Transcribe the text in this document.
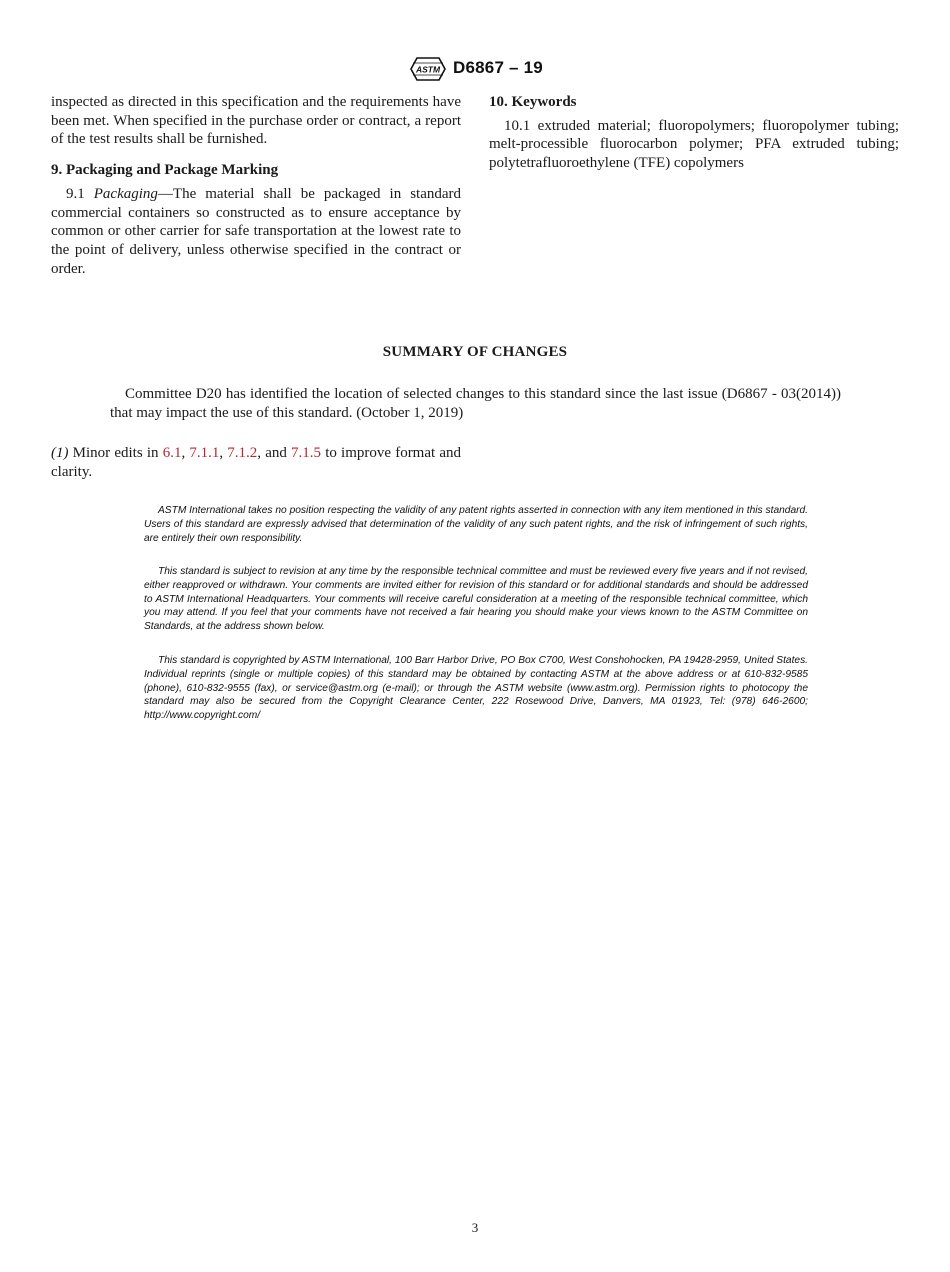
ASTM D6867 – 19

inspected as directed in this specification and the requirements have been met. When specified in the purchase order or contract, a report of the test results shall be furnished.

9. Packaging and Package Marking

9.1 Packaging—The material shall be packaged in standard commercial containers so constructed as to ensure acceptance by common or other carrier for safe transportation at the lowest rate to the point of delivery, unless otherwise specified in the contract or order.

10. Keywords

10.1 extruded material; fluoropolymers; fluoropolymer tubing; melt-processible fluorocarbon polymer; PFA extruded tubing; polytetrafluoroethylene (TFE) copolymers

SUMMARY OF CHANGES

Committee D20 has identified the location of selected changes to this standard since the last issue (D6867 - 03(2014)) that may impact the use of this standard. (October 1, 2019)

(1) Minor edits in 6.1, 7.1.1, 7.1.2, and 7.1.5 to improve format and clarity.

ASTM International takes no position respecting the validity of any patent rights asserted in connection with any item mentioned in this standard. Users of this standard are expressly advised that determination of the validity of any such patent rights, and the risk of infringement of such rights, are entirely their own responsibility.

This standard is subject to revision at any time by the responsible technical committee and must be reviewed every five years and if not revised, either reapproved or withdrawn. Your comments are invited either for revision of this standard or for additional standards and should be addressed to ASTM International Headquarters. Your comments will receive careful consideration at a meeting of the responsible technical committee, which you may attend. If you feel that your comments have not received a fair hearing you should make your views known to the ASTM Committee on Standards, at the address shown below.

This standard is copyrighted by ASTM International, 100 Barr Harbor Drive, PO Box C700, West Conshohocken, PA 19428-2959, United States. Individual reprints (single or multiple copies) of this standard may be obtained by contacting ASTM at the above address or at 610-832-9585 (phone), 610-832-9555 (fax), or service@astm.org (e-mail); or through the ASTM website (www.astm.org). Permission rights to photocopy the standard may also be secured from the Copyright Clearance Center, 222 Rosewood Drive, Danvers, MA 01923, Tel: (978) 646-2600; http://www.copyright.com/

3
